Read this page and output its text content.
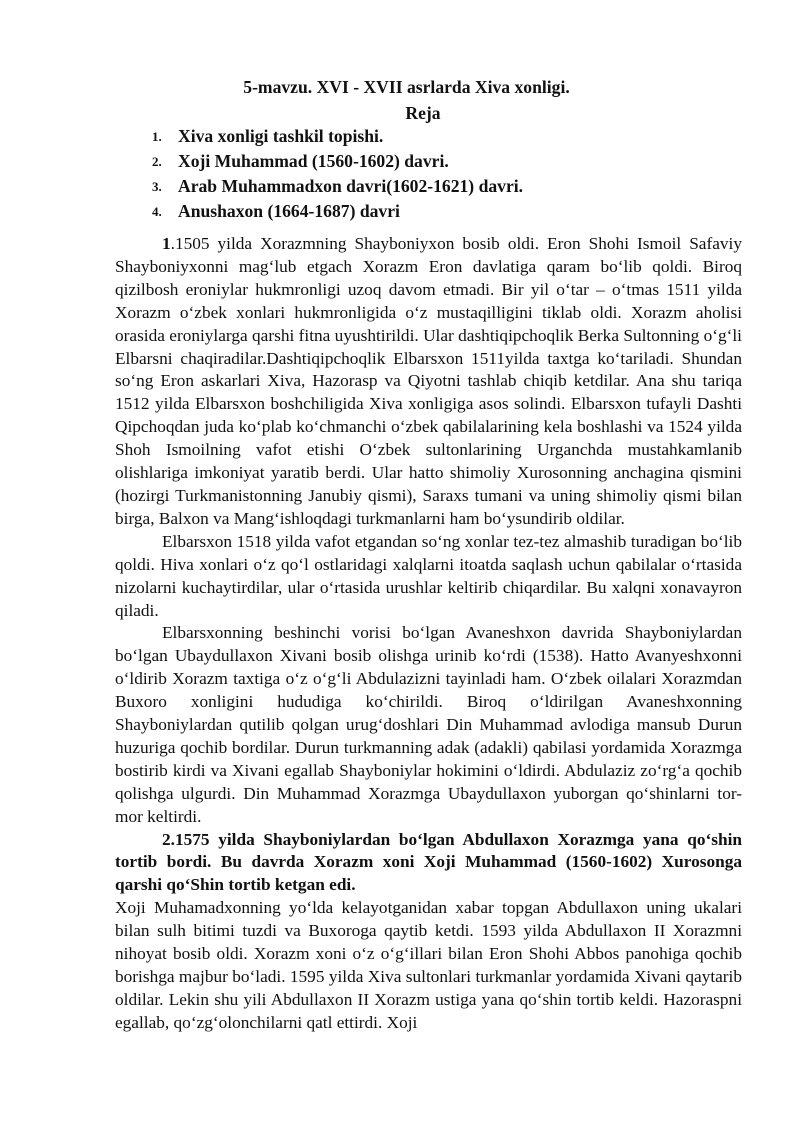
5-mavzu. XVI - XVII asrlarda Xiva xonligi.
Reja
1. Xiva xonligi tashkil topishi.
2. Xoji Muhammad (1560-1602) davri.
3. Arab Muhammadxon davri(1602-1621) davri.
4. Anushaxon (1664-1687) davri

1.1505 yilda Xorazmning Shayboniyxon bosib oldi. Eron Shohi Ismoil Safaviy Shayboniyxonni mag‘lub etgach Xorazm Eron davlatiga qaram bo‘lib qoldi. Biroq qizilbosh eroniylar hukmronligi uzoq davom etmadi. Bir yil o‘tar – o‘tmas 1511 yilda Xorazm o‘zbek xonlari hukmronligida o‘z mustaqilligini tiklab oldi. Xorazm aholisi orasida eroniylarga qarshi fitna uyushtirildi. Ular dashtiqipchoqlik Berka Sultonning o‘g‘li Elbarsni chaqiradilar.Dashtiqipchoqlik Elbarsxon 1511yilda taxtga ko‘tariladi. Shundan so‘ng Eron askarlari Xiva, Hazorasp va Qiyotni tashlab chiqib ketdilar. Ana shu tariqa 1512 yilda Elbarsxon boshchiligida Xiva xonligiga asos solindi. Elbarsxon tufayli Dashti Qipchoqdan juda ko‘plab ko‘chmanchi o‘zbek qabilalarining kela boshlashi va 1524 yilda Shoh Ismoilning vafot etishi O‘zbek sultonlarining Urganchda mustahkamlanib olishlariga imkoniyat yaratib berdi. Ular hatto shimoliy Xurosonning anchagina qismini (hozirgi Turkmanistonning Janubiy qismi), Saraxs tumani va uning shimoliy qismi bilan birga, Balxon va Mang‘ishloqdagi turkmanlarni ham bo‘ysundirib oldilar.

Elbarsxon 1518 yilda vafot etgandan so‘ng xonlar tez-tez almashib turadigan bo‘lib qoldi. Hiva xonlari o‘z qo‘l ostlaridagi xalqlarni itoatda saqlash uchun qabilalar o‘rtasida nizolarni kuchaytirdilar, ular o‘rtasida urushlar keltirib chiqardilar. Bu xalqni xonavayron qiladi.

Elbarsxonning beshinchi vorisi bo‘lgan Avaneshxon davrida Shayboniylardan bo‘lgan Ubaydullaxon Xivani bosib olishga urinib ko‘rdi (1538). Hatto Avanyeshxonni o‘ldirib Xorazm taxtiga o‘z o‘g‘li Abdulazizni tayinladi ham. O‘zbek oilalari Xorazmdan Buxoro xonligini hududiga ko‘chirildi. Biroq o‘ldirilgan Avaneshxonning Shayboniylardan qutilib qolgan urug‘doshlari Din Muhammad avlodiga mansub Durun huzuriga qochib bordilar. Durun turkmanning adak (adakli) qabilasi yordamida Xorazmga bostirib kirdi va Xivani egallab Shayboniylar hokimini o‘ldirdi. Abdulaziz zo‘rg‘a qochib qolishga ulgurdi. Din Muhammad Xorazmga Ubaydullaxon yuborgan qo‘shinlarni tor-mor keltirdi.

2.1575 yilda Shayboniylardan bo‘lgan Abdullaxon Xorazmga yana qo‘shin tortib bordi. Bu davrda Xorazm xoni Xoji Muhammad (1560-1602) Xurosonga qarshi qo‘Shin tortib ketgan edi.

Xoji Muhamadxonning yo‘lda kelayotganidan xabar topgan Abdullaxon uning ukalari bilan sulh bitimi tuzdi va Buxoroga qaytib ketdi. 1593 yilda Abdullaxon II Xorazmni nihoyat bosib oldi. Xorazm xoni o‘z o‘g‘illari bilan Eron Shohi Abbos panohiga qochib borishga majbur bo‘ladi. 1595 yilda Xiva sultonlari turkmanlar yordamida Xivani qaytarib oldilar. Lekin shu yili Abdullaxon II Xorazm ustiga yana qo‘shin tortib keldi. Hazoraspni egallab, qo‘zg‘olonchilarni qatl ettirdi. Xoji
